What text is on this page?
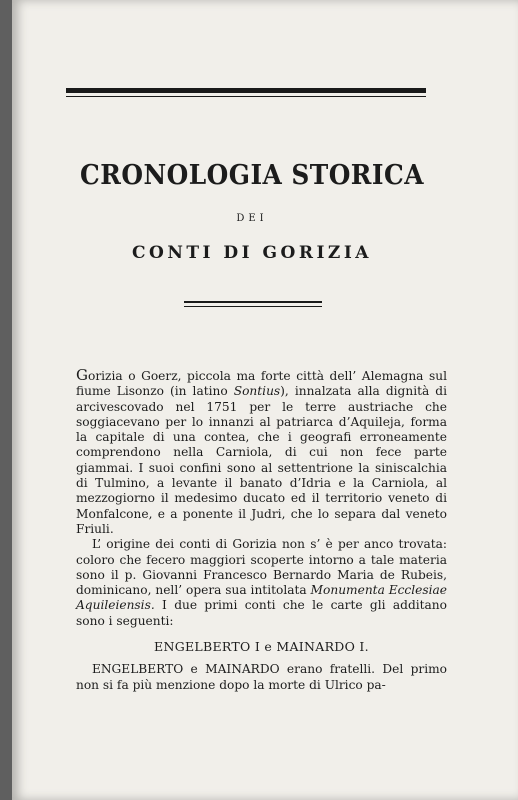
CRONOLOGIA STORICA
DEI
CONTI DI GORIZIA

Gorizia o Goerz, piccola ma forte città dell’ Alemagna sul fiume Lisonzo (in latino Sontius), innalzata alla dignità di arcivescovado nel 1751 per le terre austriache che soggiacevano per lo innanzi al patriarca d’Aquileja, forma la capitale di una contea, che i geografi erroneamente comprendono nella Carniola, di cui non fece parte giammai. I suoi confini sono al settentrione la siniscalchia di Tulmino, a levante il banato d’Idria e la Carniola, al mezzogiorno il medesimo ducato ed il territorio veneto di Monfalcone, e a ponente il Judri, che lo separa dal veneto Friuli.

L’ origine dei conti di Gorizia non s’ è per anco trovata: coloro che fecero maggiori scoperte intorno a tale materia sono il p. Giovanni Francesco Bernardo Maria de Rubeis, dominicano, nell’ opera sua intitolata Monumenta Ecclesiae Aquileiensis. I due primi conti che le carte gli additano sono i seguenti:

ENGELBERTO I e MAINARDO I.

ENGELBERTO e MAINARDO erano fratelli. Del primo non si fa più menzione dopo la morte di Ulrico pa-
